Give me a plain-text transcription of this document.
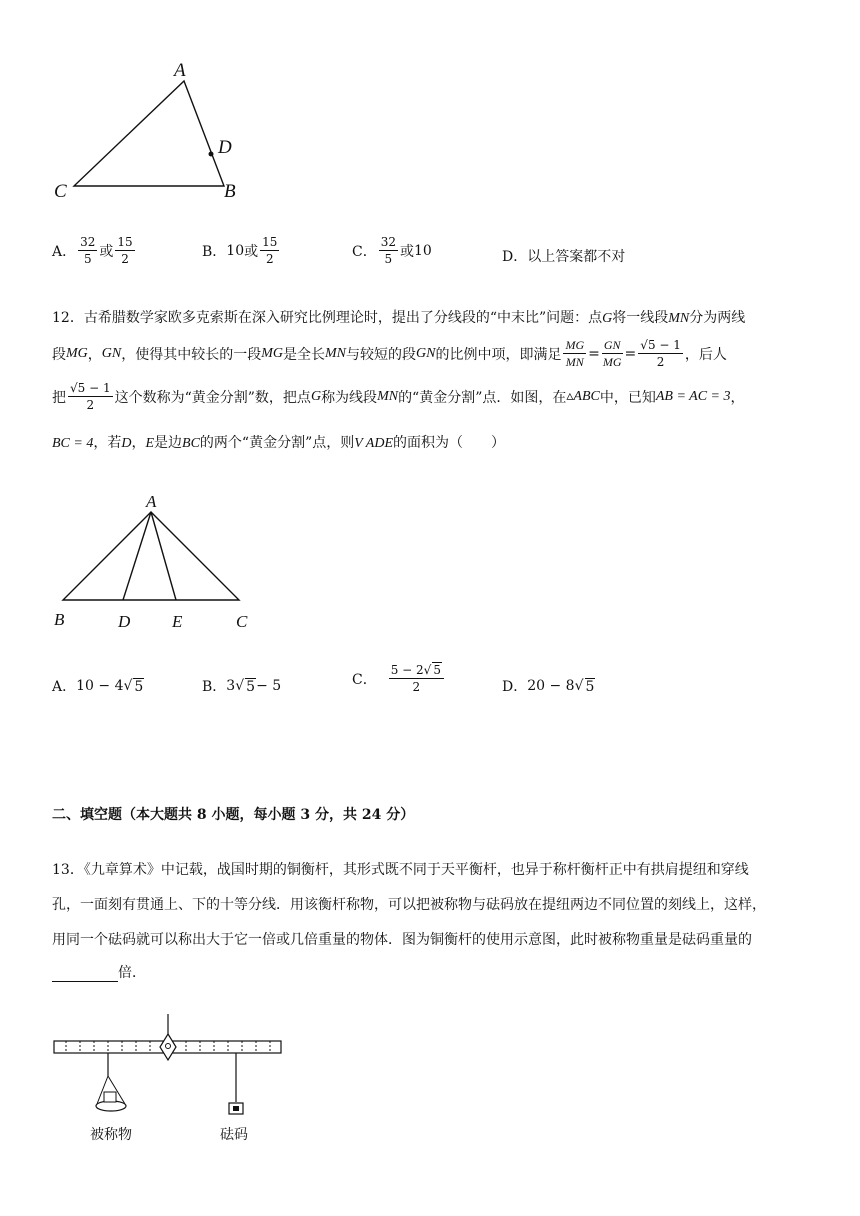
A
D
C	B
A． $\frac{32}{5}$ 或 $\frac{15}{2}$	B． 10 或 $\frac{15}{2}$	C． $\frac{32}{5}$ 或 10	D． 以上答案都不对
12．古希腊数学家欧多克索斯在深入研究比例理论时，提出了分线段的“中末比”问题：点G将一线段MN分为两线
段 MG ， GN ，使得其中较长的一段 MG 是全长 MN 与较短的段 GN 的比例中项，即满足 $\frac{MG}{MN} = \frac{GN}{MG} = \frac{√5 - 1}{2}$ ，后人
把 $\frac{√5 - 1}{2}$ 这个数称为“黄金分割”数，把点 G 称为线段 MN 的“黄金分割”点．如图，在 ▵ABC 中，已知 AB = AC = 3 ，
BC = 4，若D，E是边BC的两个“黄金分割”点，则V ADE的面积为（　　）
A
B	D E	C
A． 10 − 4 √ 5	B． 3 √ 5 − 5	C． $\frac{5 - 2√ 5}{2}$	D． 20 − 8 √ 5
二、填空题（本大题共 8 小题，每小题 3 分，共 24 分）
13．《九章算术》中记载，战国时期的铜衡杆，其形式既不同于天平衡杆，也异于称杆衡杆正中有拱肩提纽和穿线
孔，一面刻有贯通上、下的十等分线．用该衡杆称物，可以把被称物与砝码放在提纽两边不同位置的刻线上，这样，
用同一个砝码就可以称出大于它一倍或几倍重量的物体．图为铜衡杆的使用示意图，此时被称物重量是砝码重量的
倍．
被称物	砝码
